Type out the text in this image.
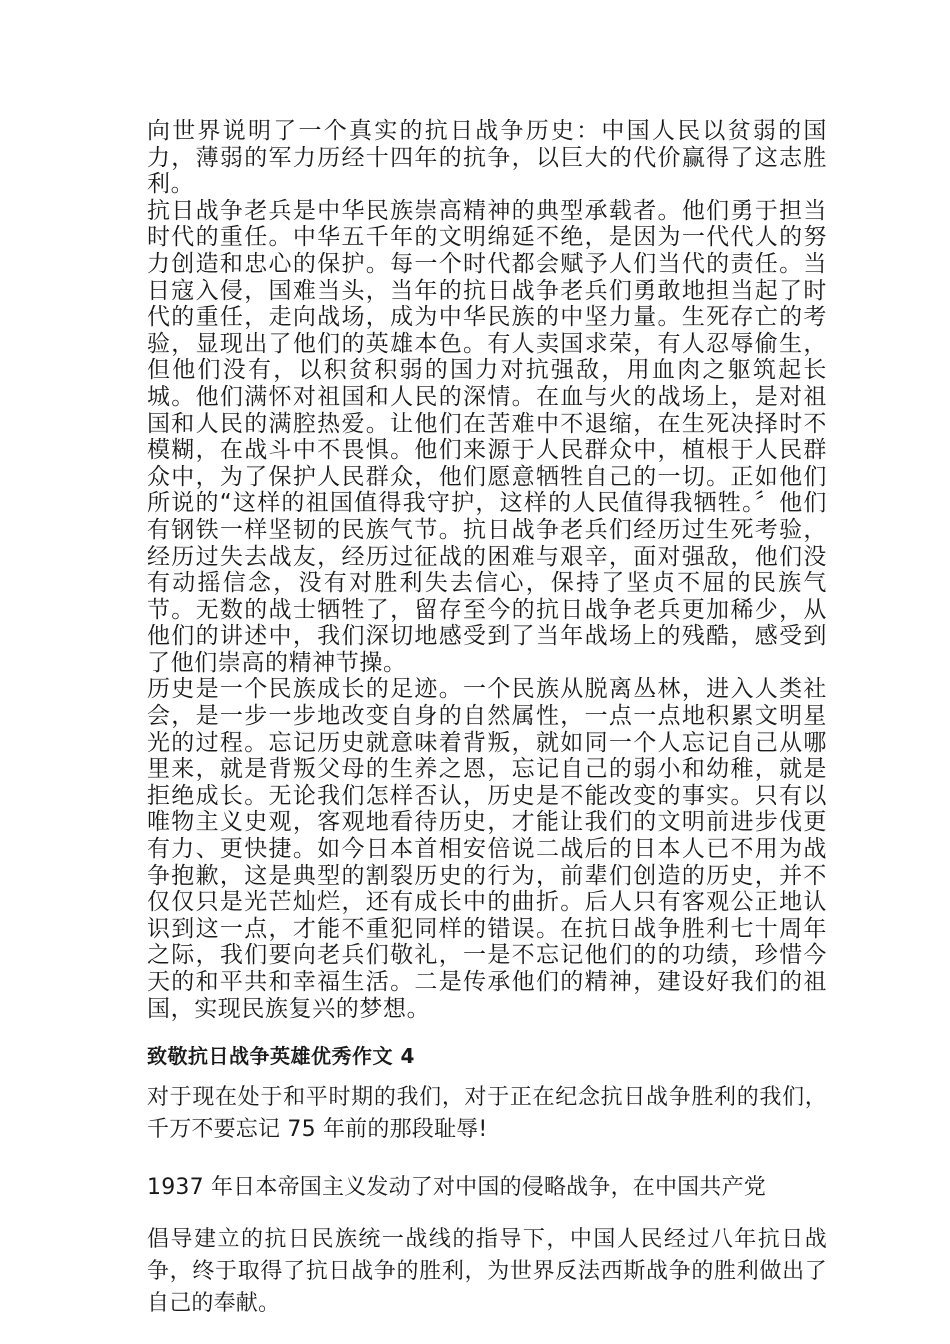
向世界说明了一个真实的抗日战争历史：中国人民以贫弱的国力，薄弱的军力历经十四年的抗争，以巨大的代价赢得了这志胜利。

抗日战争老兵是中华民族崇高精神的典型承载者。他们勇于担当时代的重任。中华五千年的文明绵延不绝，是因为一代代人的努力创造和忠心的保护。每一个时代都会赋予人们当代的责任。当日寇入侵，国难当头，当年的抗日战争老兵们勇敢地担当起了时代的重任，走向战场，成为中华民族的中坚力量。生死存亡的考验，显现出了他们的英雄本色。有人卖国求荣，有人忍辱偷生，但他们没有，以积贫积弱的国力对抗强敌，用血肉之躯筑起长城。他们满怀对祖国和人民的深情。在血与火的战场上，是对祖国和人民的满腔热爱。让他们在苦难中不退缩，在生死决择时不模糊，在战斗中不畏惧。他们来源于人民群众中，植根于人民群众中，为了保护人民群众，他们愿意牺牲自己的一切。正如他们所说的“这样的祖国值得我守护，这样的人民值得我牺牲。〞他们有钢铁一样坚韧的民族气节。抗日战争老兵们经历过生死考验，经历过失去战友，经历过征战的困难与艰辛，面对强敌，他们没有动摇信念，没有对胜利失去信心，保持了坚贞不屈的民族气节。无数的战士牺牲了，留存至今的抗日战争老兵更加稀少，从他们的讲述中，我们深切地感受到了当年战场上的残酷，感受到了他们崇高的精神节操。

历史是一个民族成长的足迹。一个民族从脱离丛林，进入人类社会，是一步一步地改变自身的自然属性，一点一点地积累文明星光的过程。忘记历史就意味着背叛，就如同一个人忘记自己从哪里来，就是背叛父母的生养之恩，忘记自己的弱小和幼稚，就是拒绝成长。无论我们怎样否认，历史是不能改变的事实。只有以唯物主义史观，客观地看待历史，才能让我们的文明前进步伐更有力、更快捷。如今日本首相安倍说二战后的日本人已不用为战争抱歉，这是典型的割裂历史的行为，前辈们创造的历史，并不仅仅只是光芒灿烂，还有成长中的曲折。后人只有客观公正地认识到这一点，才能不重犯同样的错误。在抗日战争胜利七十周年之际，我们要向老兵们敬礼，一是不忘记他们的的功绩，珍惜今天的和平共和幸福生活。二是传承他们的精神，建设好我们的祖国，实现民族复兴的梦想。

致敬抗日战争英雄优秀作文 4

对于现在处于和平时期的我们，对于正在纪念抗日战争胜利的我们，千万不要忘记 75 年前的那段耻辱!

1937 年日本帝国主义发动了对中国的侵略战争，在中国共产党

倡导建立的抗日民族统一战线的指导下，中国人民经过八年抗日战争，终于取得了抗日战争的胜利，为世界反法西斯战争的胜利做出了自己的奉献。
